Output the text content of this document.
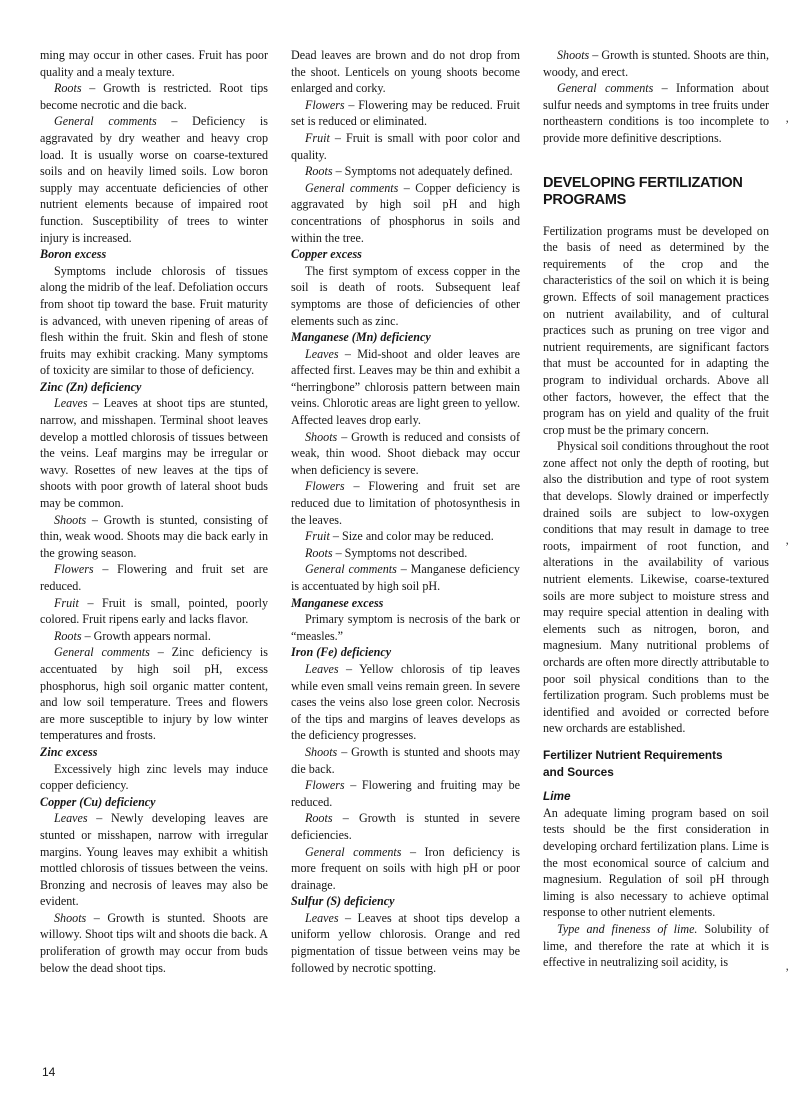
ming may occur in other cases. Fruit has poor quality and a mealy texture.

Roots – Growth is restricted. Root tips become necrotic and die back.

General comments – Deficiency is aggravated by dry weather and heavy crop load. It is usually worse on coarse-textured soils and on heavily limed soils. Low boron supply may accentuate deficiencies of other nutrient elements because of impaired root function. Susceptibility of trees to winter injury is increased.

Boron excess

Symptoms include chlorosis of tissues along the midrib of the leaf. Defoliation occurs from shoot tip toward the base. Fruit maturity is advanced, with uneven ripening of areas of flesh within the fruit. Skin and flesh of stone fruits may exhibit cracking. Many symptoms of toxicity are similar to those of deficiency.

Zinc (Zn) deficiency

Leaves – Leaves at shoot tips are stunted, narrow, and misshapen. Terminal shoot leaves develop a mottled chlorosis of tissues between the veins. Leaf margins may be irregular or wavy. Rosettes of new leaves at the tips of shoots with poor growth of lateral shoot buds may be common.

Shoots – Growth is stunted, consisting of thin, weak wood. Shoots may die back early in the growing season.

Flowers – Flowering and fruit set are reduced.

Fruit – Fruit is small, pointed, poorly colored. Fruit ripens early and lacks flavor.

Roots – Growth appears normal.

General comments – Zinc deficiency is accentuated by high soil pH, excess phosphorus, high soil organic matter content, and low soil temperature. Trees and flowers are more susceptible to injury by low winter temperatures and frosts.

Zinc excess

Excessively high zinc levels may induce copper deficiency.

Copper (Cu) deficiency

Leaves – Newly developing leaves are stunted or misshapen, narrow with irregular margins. Young leaves may exhibit a whitish mottled chlorosis of tissues between the veins. Bronzing and necrosis of leaves may also be evident.

Shoots – Growth is stunted. Shoots are willowy. Shoot tips wilt and shoots die back. A proliferation of growth may occur from buds below the dead shoot tips.

Dead leaves are brown and do not drop from the shoot. Lenticels on young shoots become enlarged and corky.

Flowers – Flowering may be reduced. Fruit set is reduced or eliminated.

Fruit – Fruit is small with poor color and quality.

Roots – Symptoms not adequately defined.

General comments – Copper deficiency is aggravated by high soil pH and high concentrations of phosphorus in soils and within the tree.

Copper excess

The first symptom of excess copper in the soil is death of roots. Subsequent leaf symptoms are those of deficiencies of other elements such as zinc.

Manganese (Mn) deficiency

Leaves – Mid-shoot and older leaves are affected first. Leaves may be thin and exhibit a “herringbone” chlorosis pattern between main veins. Chlorotic areas are light green to yellow. Affected leaves drop early.

Shoots – Growth is reduced and consists of weak, thin wood. Shoot dieback may occur when deficiency is severe.

Flowers – Flowering and fruit set are reduced due to limitation of photosynthesis in the leaves.

Fruit – Size and color may be reduced.

Roots – Symptoms not described.

General comments – Manganese deficiency is accentuated by high soil pH.

Manganese excess

Primary symptom is necrosis of the bark or “measles.”

Iron (Fe) deficiency

Leaves – Yellow chlorosis of tip leaves while even small veins remain green. In severe cases the veins also lose green color. Necrosis of the tips and margins of leaves develops as the deficiency progresses.

Shoots – Growth is stunted and shoots may die back.

Flowers – Flowering and fruiting may be reduced.

Roots – Growth is stunted in severe deficiencies.

General comments – Iron deficiency is more frequent on soils with high pH or poor drainage.

Sulfur (S) deficiency

Leaves – Leaves at shoot tips develop a uniform yellow chlorosis. Orange and red pigmentation of tissue between veins may be followed by necrotic spotting.

Shoots – Growth is stunted. Shoots are thin, woody, and erect.

General comments – Information about sulfur needs and symptoms in tree fruits under northeastern conditions is too incomplete to provide more definitive descriptions.

DEVELOPING FERTILIZATION PROGRAMS

Fertilization programs must be developed on the basis of need as determined by the requirements of the crop and the characteristics of the soil on which it is being grown. Effects of soil management practices on nutrient availability, and of cultural practices such as pruning on tree vigor and nutrient requirements, are significant factors that must be accounted for in adapting the program to individual orchards. Above all other factors, however, the effect that the program has on yield and quality of the fruit crop must be the primary concern.

Physical soil conditions throughout the root zone affect not only the depth of rooting, but also the distribution and type of root system that develops. Slowly drained or imperfectly drained soils are subject to low-oxygen conditions that may result in damage to tree roots, impairment of root function, and alterations in the availability of various nutrient elements. Likewise, coarse-textured soils are more subject to moisture stress and may require special attention in dealing with elements such as nitrogen, boron, and magnesium. Many nutritional problems of orchards are often more directly attributable to poor soil physical conditions than to the fertilization program. Such problems must be identified and avoided or corrected before new orchards are established.

Fertilizer Nutrient Requirements and Sources

Lime

An adequate liming program based on soil tests should be the first consideration in developing orchard fertilization plans. Lime is the most economical source of calcium and magnesium. Regulation of soil pH through liming is also necessary to achieve optimal response to other nutrient elements.

Type and fineness of lime. Solubility of lime, and therefore the rate at which it is effective in neutralizing soil acidity, is

14
‚
‚
‚
